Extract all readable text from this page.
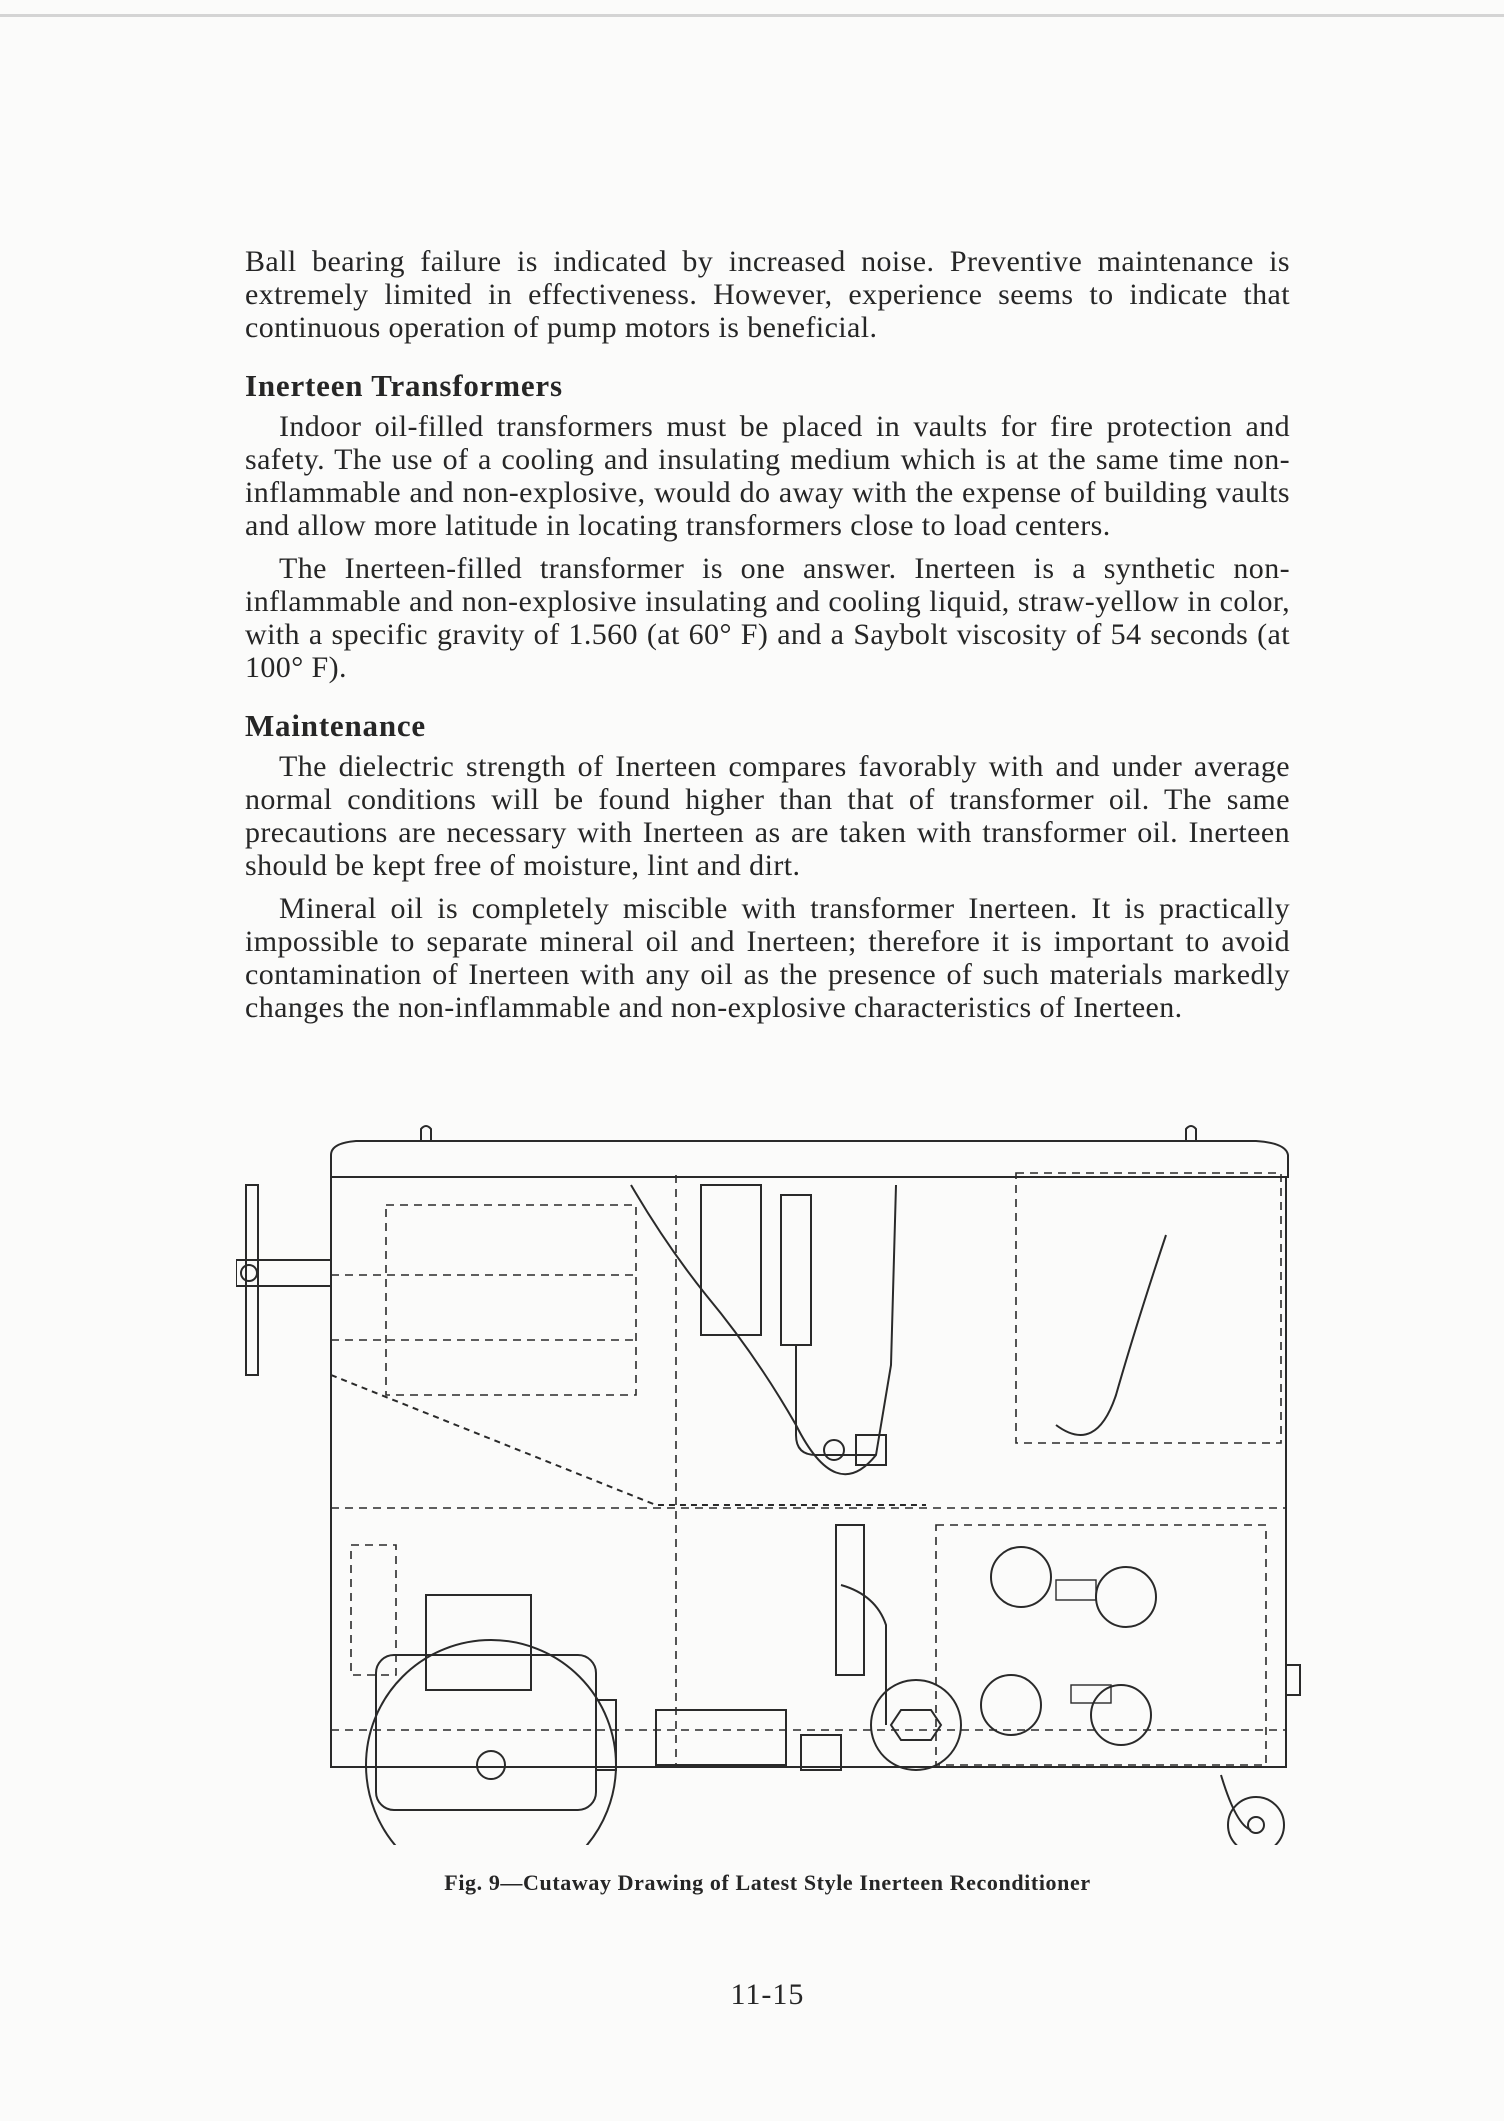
Ball bearing failure is indicated by increased noise. Preventive maintenance is extremely limited in effectiveness. However, experience seems to indicate that continuous operation of pump motors is beneficial.

Inerteen Transformers

Indoor oil-filled transformers must be placed in vaults for fire protection and safety. The use of a cooling and insulating medium which is at the same time non-inflammable and non-explosive, would do away with the expense of building vaults and allow more latitude in locating transformers close to load centers.

The Inerteen-filled transformer is one answer. Inerteen is a synthetic non-inflammable and non-explosive insulating and cooling liquid, straw-yellow in color, with a specific gravity of 1.560 (at 60° F) and a Saybolt viscosity of 54 seconds (at 100° F).

Maintenance

The dielectric strength of Inerteen compares favorably with and under average normal conditions will be found higher than that of transformer oil. The same precautions are necessary with Inerteen as are taken with transformer oil. Inerteen should be kept free of moisture, lint and dirt.

Mineral oil is completely miscible with transformer Inerteen. It is practically impossible to separate mineral oil and Inerteen; therefore it is important to avoid contamination of Inerteen with any oil as the presence of such materials markedly changes the non-inflammable and non-explosive characteristics of Inerteen.

Fig. 9—Cutaway Drawing of Latest Style Inerteen Reconditioner
11-15
